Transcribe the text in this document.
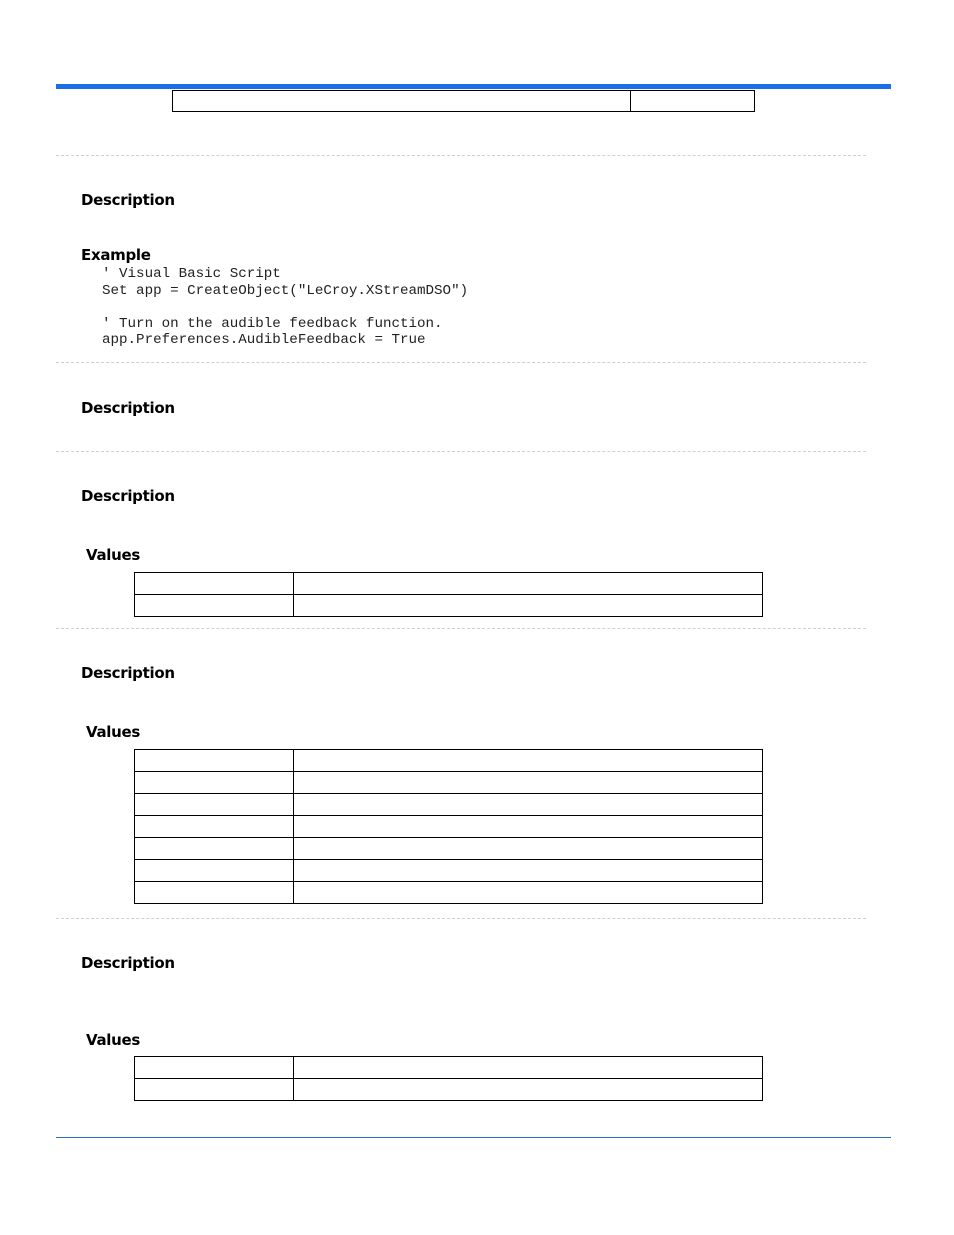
Description
Example
' Visual Basic Script
Set app = CreateObject("LeCroy.XStreamDSO")

' Turn on the audible feedback function.
app.Preferences.AudibleFeedback = True
Description
Description
Values

Description
Values

Description
Values
